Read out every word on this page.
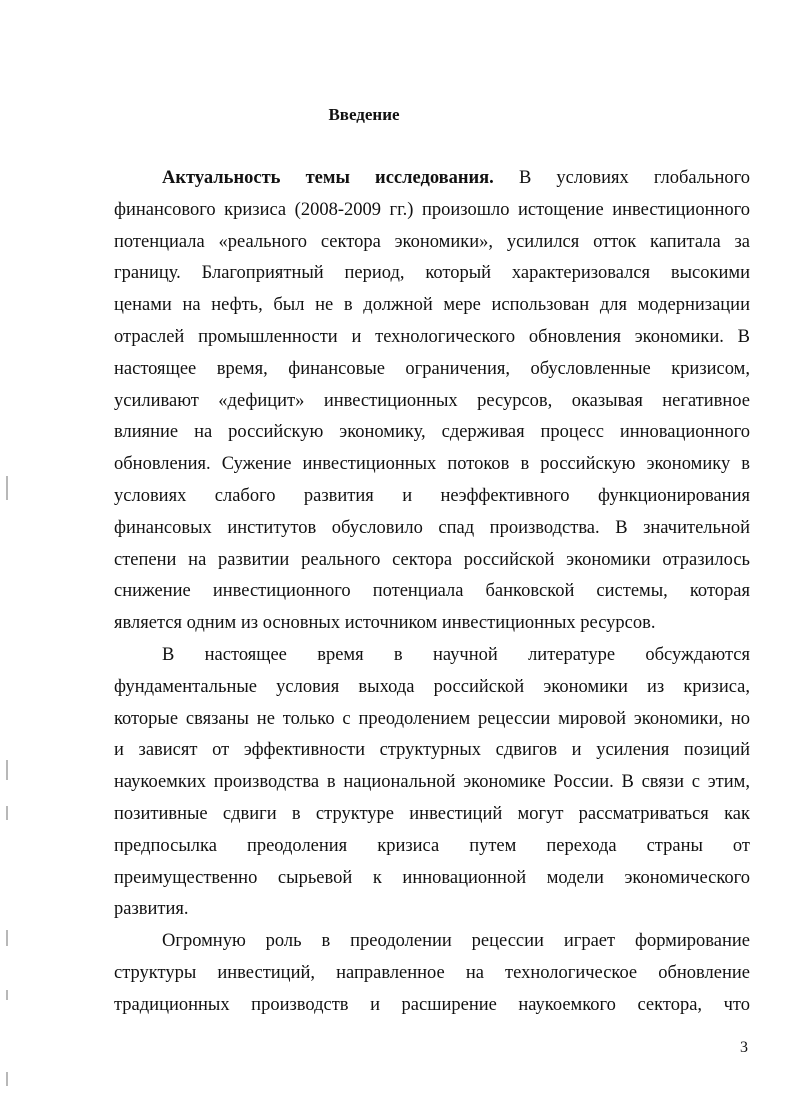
Введение
Актуальность темы исследования. В условиях глобального
финансового кризиса (2008-2009 гг.) произошло истощение инвестиционного
потенциала «реального сектора экономики», усилился отток капитала за
границу. Благоприятный период, который характеризовался высокими
ценами на нефть, был не в должной мере использован для модернизации
отраслей промышленности и технологического обновления экономики. В
настоящее время, финансовые ограничения, обусловленные кризисом,
усиливают «дефицит» инвестиционных ресурсов, оказывая негативное
влияние на российскую экономику, сдерживая процесс инновационного
обновления. Сужение инвестиционных потоков в российскую экономику в
условиях слабого развития и неэффективного функционирования
финансовых институтов обусловило спад производства. В значительной
степени на развитии реального сектора российской экономики отразилось
снижение инвестиционного потенциала банковской системы, которая
является одним из основных источником инвестиционных ресурсов.
В настоящее время в научной литературе обсуждаются
фундаментальные условия выхода российской экономики из кризиса,
которые связаны не только с преодолением рецессии мировой экономики, но
и зависят от эффективности структурных сдвигов и усиления позиций
наукоемких производства в национальной экономике России. В связи с этим,
позитивные сдвиги в структуре инвестиций могут рассматриваться как
предпосылка преодоления кризиса путем перехода страны от
преимущественно сырьевой к инновационной модели экономического
развития.
Огромную роль в преодолении рецессии играет формирование
структуры инвестиций, направленное на технологическое обновление
традиционных производств и расширение наукоемкого сектора, что
3
